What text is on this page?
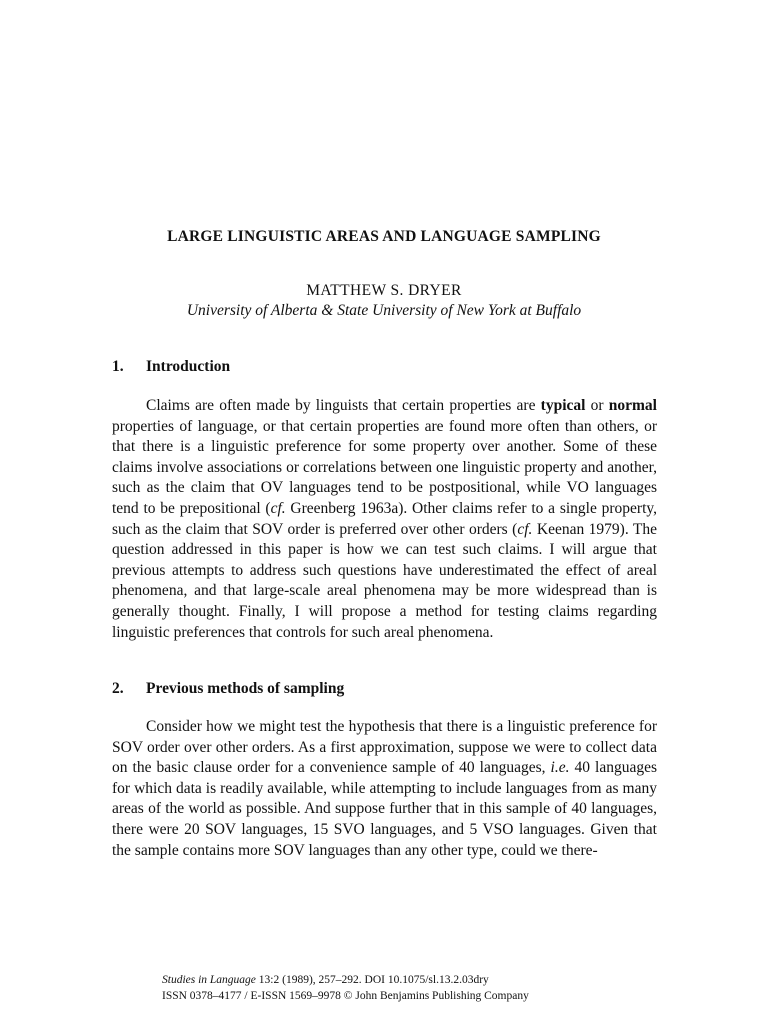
LARGE LINGUISTIC AREAS AND LANGUAGE SAMPLING
MATTHEW S. DRYER
University of Alberta & State University of New York at Buffalo
1. Introduction

Claims are often made by linguists that certain properties are typical or normal properties of language, or that certain properties are found more often than others, or that there is a linguistic preference for some property over another. Some of these claims involve associations or correlations between one linguistic property and another, such as the claim that OV languages tend to be postpositional, while VO languages tend to be prepositional (cf. Greenberg 1963a). Other claims refer to a single property, such as the claim that SOV order is preferred over other orders (cf. Keenan 1979). The question addressed in this paper is how we can test such claims. I will argue that previous attempts to address such questions have underestimated the effect of areal phenomena, and that large-scale areal phenomena may be more widespread than is generally thought. Finally, I will propose a method for testing claims regarding linguistic preferences that controls for such areal phenomena.

2. Previous methods of sampling

Consider how we might test the hypothesis that there is a linguistic preference for SOV order over other orders. As a first approximation, suppose we were to collect data on the basic clause order for a convenience sample of 40 languages, i.e. 40 languages for which data is readily available, while attempting to include languages from as many areas of the world as possible. And suppose further that in this sample of 40 languages, there were 20 SOV languages, 15 SVO languages, and 5 VSO languages. Given that the sample contains more SOV languages than any other type, could we there-

Studies in Language 13:2 (1989), 257–292. DOI 10.1075/sl.13.2.03dry
ISSN 0378–4177 / E-ISSN 1569–9978 © John Benjamins Publishing Company
